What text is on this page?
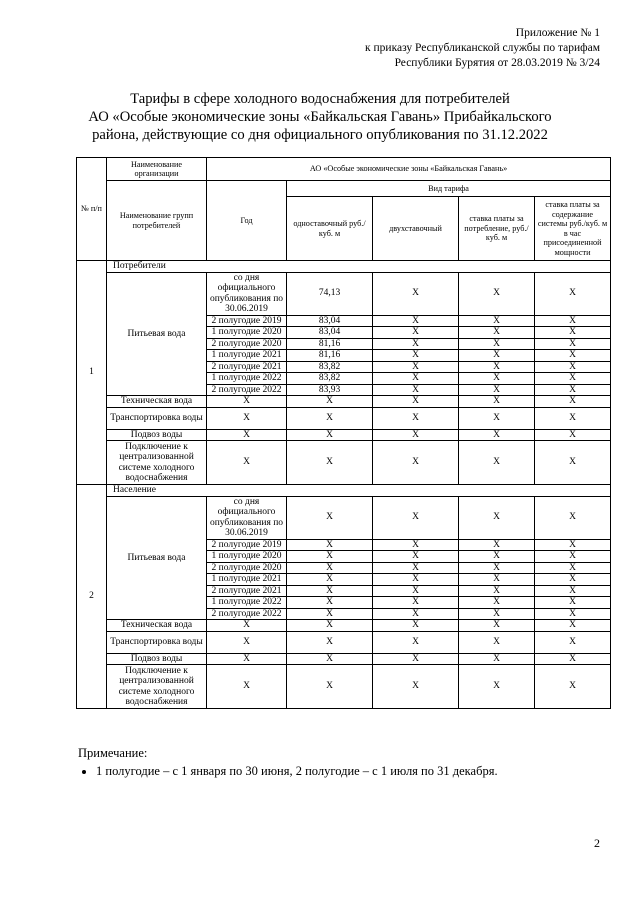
Приложение № 1
к приказу Республиканской службы по тарифам
Республики Бурятия от 28.03.2019 № 3/24
Тарифы в сфере холодного водоснабжения для потребителей
АО «Особые экономические зоны «Байкальская Гавань» Прибайкальского
района, действующие со дня официального опубликования по 31.12.2022
№ п/п	Наименование организации	АО «Особые экономические зоны «Байкальская Гавань»				
	Наименование групп потребителей	Год	Вид тарифа			
			одноставочный руб./ куб. м	двухставочный	ставка платы за потребление, руб./ куб. м	ставка платы за содержание системы руб./куб. м в час присоединенной мощности
1	Потребители					
	Питьевая вода	со дня официального опубликования по 30.06.2019	74,13	X	X	X
		2 полугодие 2019	83,04	X	X	X
		1 полугодие 2020	83,04	X	X	X
		2 полугодие 2020	81,16	X	X	X
		1 полугодие 2021	81,16	X	X	X
		2 полугодие 2021	83,82	X	X	X
		1 полугодие 2022	83,82	X	X	X
		2 полугодие 2022	83,93	X	X	X
	Техническая вода	X	X	X	X	X
	Транспортировка воды	X	X	X	X	X
	Подвоз воды	X	X	X	X	X
	Подключение к централизованной системе холодного водоснабжения	X	X	X	X	X
2	Население					
	Питьевая вода	со дня официального опубликования по 30.06.2019	X	X	X	X
		2 полугодие 2019	X	X	X	X
		1 полугодие 2020	X	X	X	X
		2 полугодие 2020	X	X	X	X
		1 полугодие 2021	X	X	X	X
		2 полугодие 2021	X	X	X	X
		1 полугодие 2022	X	X	X	X
		2 полугодие 2022	X	X	X	X
	Техническая вода	X	X	X	X	X
	Транспортировка воды	X	X	X	X	X
	Подвоз воды	X	X	X	X	X
	Подключение к централизованной системе холодного водоснабжения	X	X	X	X	X
Примечание:
• 1 полугодие – с 1 января по 30 июня, 2 полугодие – с 1 июля по 31 декабря.
2
